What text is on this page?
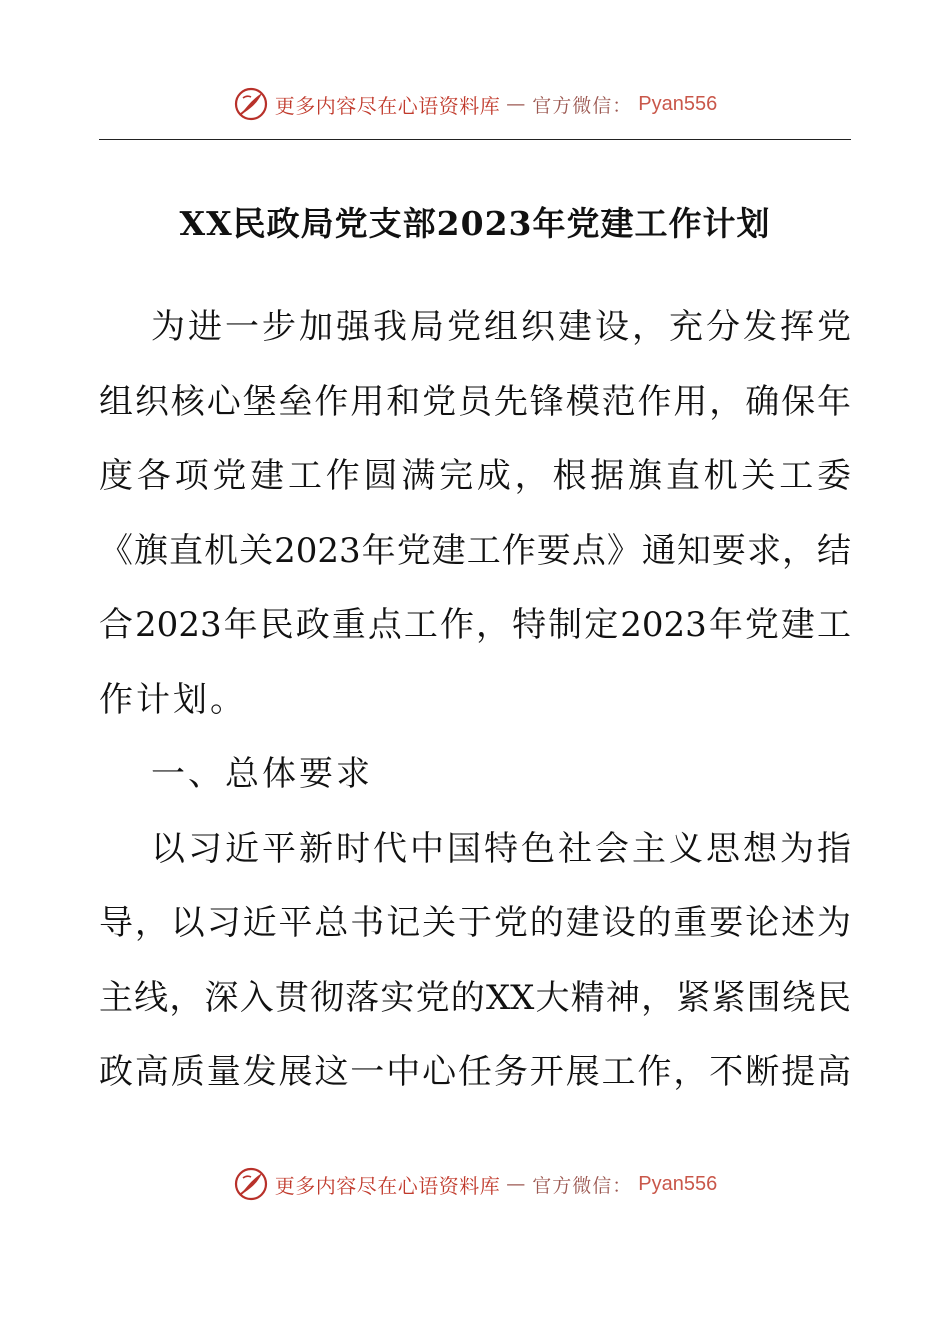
更多内容尽在心语资料库 — 官方微信： Pyan556
XX民政局党支部2023年党建工作计划
为进一步加强我局党组织建设，充分发挥党
组织核心堡垒作用和党员先锋模范作用，确保年
度各项党建工作圆满完成，根据旗直机关工委
《旗直机关2023年党建工作要点》通知要求，结
合2023年民政重点工作，特制定2023年党建工
作计划。
一、总体要求
以习近平新时代中国特色社会主义思想为指
导，以习近平总书记关于党的建设的重要论述为
主线，深入贯彻落实党的XX大精神，紧紧围绕民
政高质量发展这一中心任务开展工作，不断提高
更多内容尽在心语资料库 — 官方微信： Pyan556
